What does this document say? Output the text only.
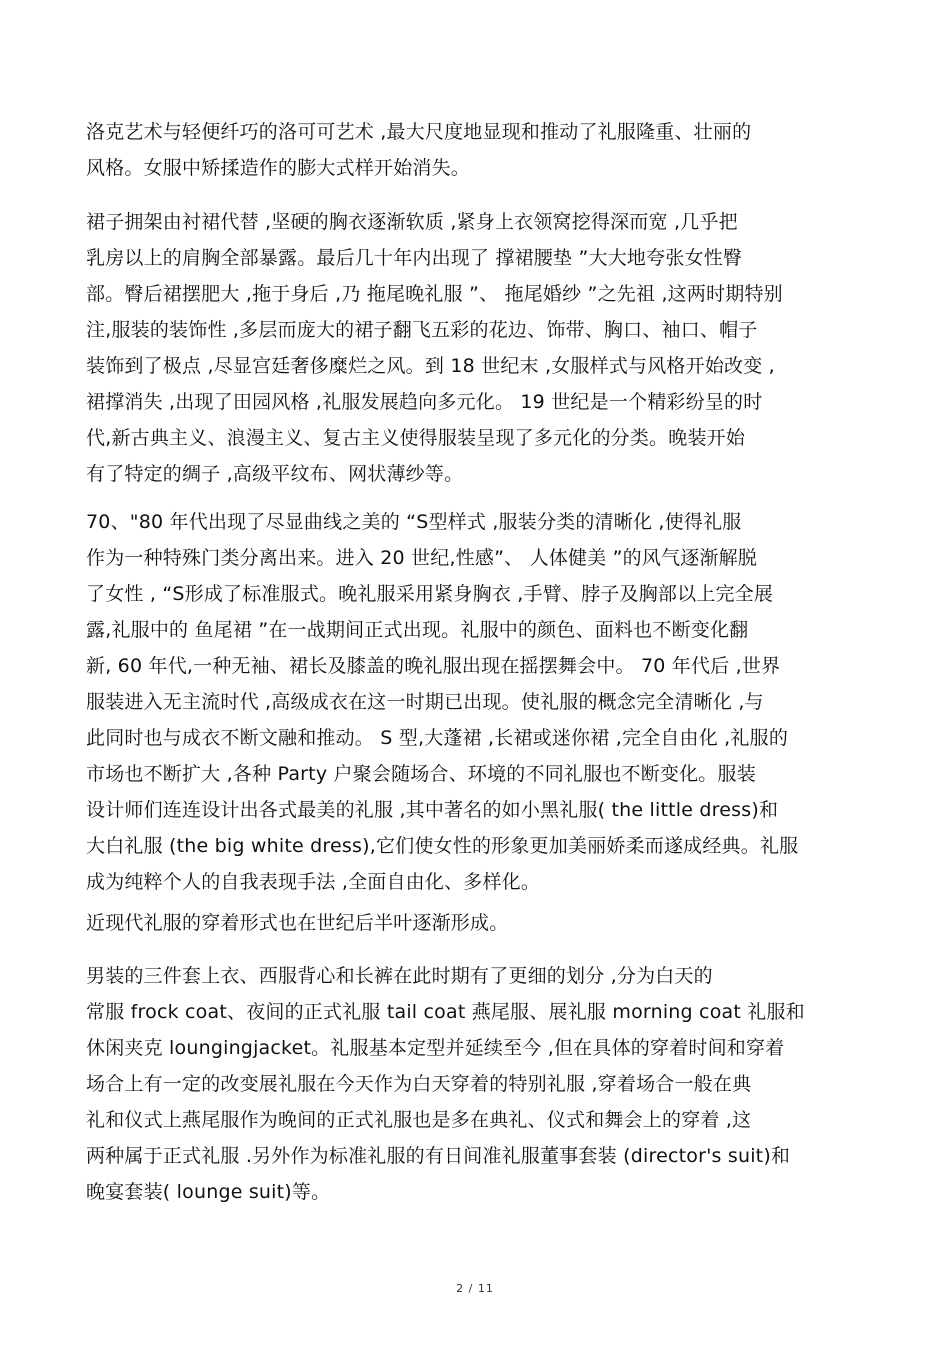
洛克艺术与轻便纤巧的洛可可艺术 ,最大尺度地显现和推动了礼服隆重、壮丽的
风格。女服中矫揉造作的膨大式样开始消失。
裙子拥架由衬裙代替 ,坚硬的胸衣逐渐软质 ,紧身上衣领窝挖得深而宽 ,几乎把
乳房以上的肩胸全部暴露。最后几十年内出现了 撑裙腰垫 ”大大地夸张女性臀
部。臀后裙摆肥大 ,拖于身后 ,乃 拖尾晚礼服 ”、 拖尾婚纱 ”之先祖 ,这两时期特别
注,服装的装饰性 ,多层而庞大的裙子翻飞五彩的花边、饰带、胸口、袖口、帽子
装饰到了极点 ,尽显宫廷奢侈糜烂之风。到 18 世纪末 ,女服样式与风格开始改变 ,
裙撑消失 ,出现了田园风格 ,礼服发展趋向多元化。 19 世纪是一个精彩纷呈的时
代,新古典主义、浪漫主义、复古主义使得服装呈现了多元化的分类。晚装开始
有了特定的绸子 ,高级平纹布、网状薄纱等。
70、"80 年代出现了尽显曲线之美的 “S型样式 ,服装分类的清晰化 ,使得礼服
作为一种特殊门类分离出来。进入 20 世纪,性感”、 人体健美 ”的风气逐渐解脱
了女性 , “S形成了标准服式。晚礼服采用紧身胸衣 ,手臂、脖子及胸部以上完全展
露,礼服中的 鱼尾裙 ”在一战期间正式出现。礼服中的颜色、面料也不断变化翻
新, 60 年代,一种无袖、裙长及膝盖的晚礼服出现在摇摆舞会中。 70 年代后 ,世界
服装进入无主流时代 ,高级成衣在这一时期已出现。使礼服的概念完全清晰化 ,与
此同时也与成衣不断文融和推动。 S 型,大蓬裙 ,长裙或迷你裙 ,完全自由化 ,礼服的
市场也不断扩大 ,各种 Party 户聚会随场合、环境的不同礼服也不断变化。服装
设计师们连连设计出各式最美的礼服 ,其中著名的如小黑礼服( the little dress)和
大白礼服 (the big white dress),它们使女性的形象更加美丽娇柔而遂成经典。礼服
成为纯粹个人的自我表现手法 ,全面自由化、多样化。
近现代礼服的穿着形式也在世纪后半叶逐渐形成。
男装的三件套上衣、西服背心和长裤在此时期有了更细的划分 ,分为白天的
常服 frock coat、夜间的正式礼服 tail coat 燕尾服、展礼服 morning coat 礼服和
休闲夹克 loungingjacket。礼服基本定型并延续至今 ,但在具体的穿着时间和穿着
场合上有一定的改变展礼服在今天作为白天穿着的特别礼服 ,穿着场合一般在典
礼和仪式上燕尾服作为晚间的正式礼服也是多在典礼、仪式和舞会上的穿着 ,这
两种属于正式礼服 .另外作为标准礼服的有日间准礼服董事套装 (director's suit)和
晚宴套装( lounge suit)等。
2 / 11
